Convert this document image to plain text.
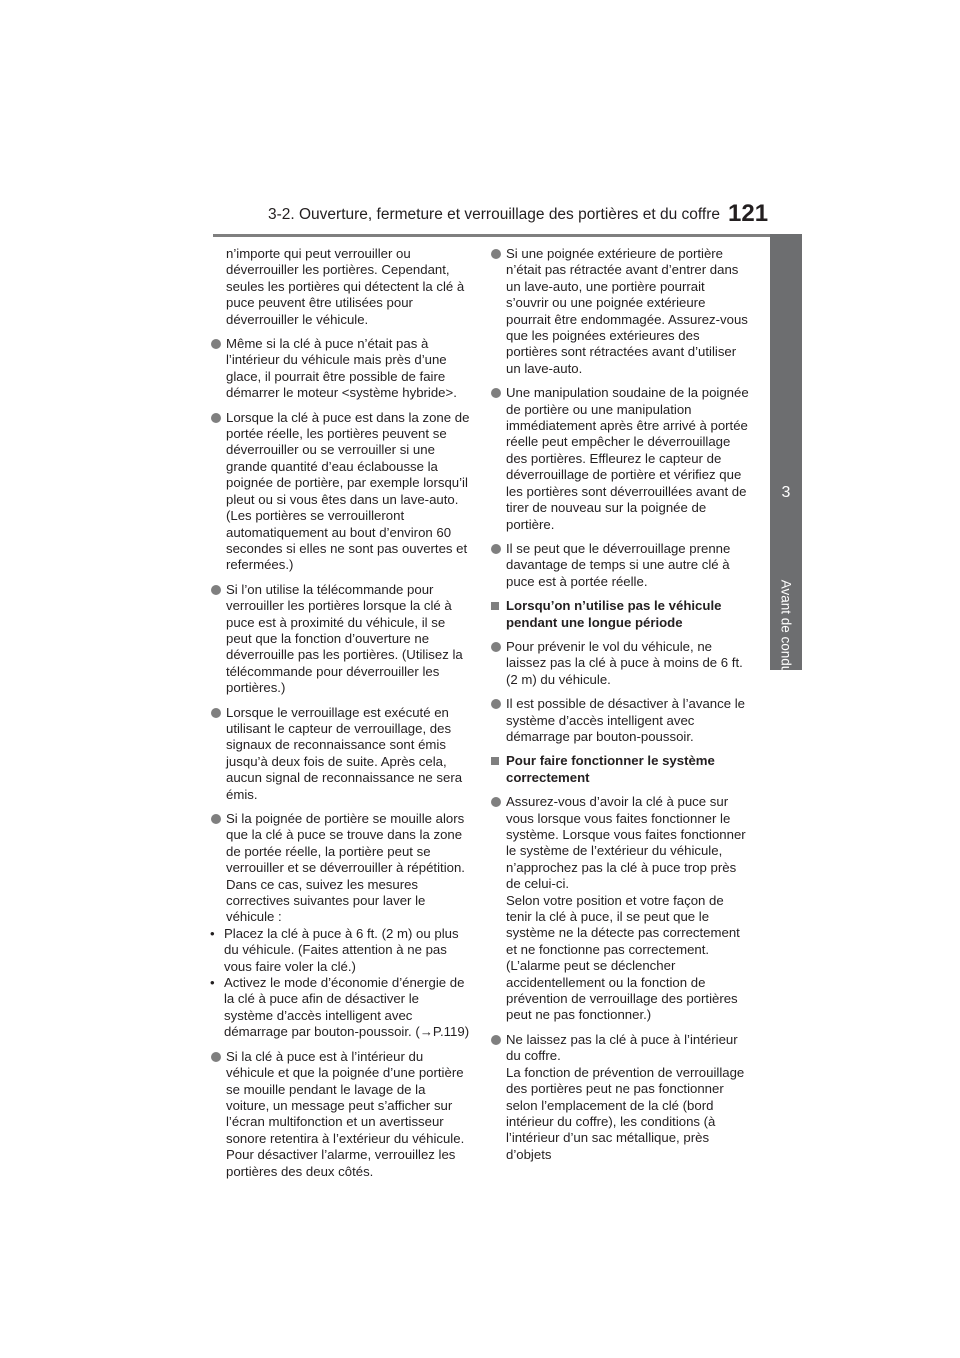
3-2. Ouverture, fermeture et verrouillage des portières et du coffre 121
3
Avant de conduire

n’importe qui peut verrouiller ou déverrouiller les portières. Cependant, seules les portières qui détectent la clé à puce peuvent être utilisées pour déverrouiller le véhicule.

Même si la clé à puce n’était pas à l’intérieur du véhicule mais près d’une glace, il pourrait être possible de faire démarrer le moteur <système hybride>.

Lorsque la clé à puce est dans la zone de portée réelle, les portières peuvent se déverrouiller ou se verrouiller si une grande quantité d’eau éclabousse la poignée de portière, par exemple lorsqu’il pleut ou si vous êtes dans un lave-auto. (Les portières se verrouilleront automatiquement au bout d’environ 60 secondes si elles ne sont pas ouvertes et refermées.)

Si l’on utilise la télécommande pour verrouiller les portières lorsque la clé à puce est à proximité du véhicule, il se peut que la fonction d’ouverture ne déverrouille pas les portières. (Utilisez la télécommande pour déverrouiller les portières.)

Lorsque le verrouillage est exécuté en utilisant le capteur de verrouillage, des signaux de reconnaissance sont émis jusqu’à deux fois de suite. Après cela, aucun signal de reconnaissance ne sera émis.

Si la poignée de portière se mouille alors que la clé à puce se trouve dans la zone de portée réelle, la portière peut se verrouiller et se déverrouiller à répétition. Dans ce cas, suivez les mesures correctives suivantes pour laver le véhicule :
• Placez la clé à puce à 6 ft. (2 m) ou plus du véhicule. (Faites attention à ne pas vous faire voler la clé.)
• Activez le mode d’économie d’énergie de la clé à puce afin de désactiver le système d’accès intelligent avec démarrage par bouton-poussoir. (→P.119)

Si la clé à puce est à l’intérieur du véhicule et que la poignée d’une portière se mouille pendant le lavage de la voiture, un message peut s’afficher sur l’écran multifonction et un avertisseur sonore retentira à l’extérieur du véhicule. Pour désactiver l’alarme, verrouillez les portières des deux côtés.

Si une poignée extérieure de portière n’était pas rétractée avant d’entrer dans un lave-auto, une portière pourrait s’ouvrir ou une poignée extérieure pourrait être endommagée. Assurez-vous que les poignées extérieures des portières sont rétractées avant d’utiliser un lave-auto.

Une manipulation soudaine de la poignée de portière ou une manipulation immédiatement après être arrivé à portée réelle peut empêcher le déverrouillage des portières. Effleurez le capteur de déverrouillage de portière et vérifiez que les portières sont déverrouillées avant de tirer de nouveau sur la poignée de portière.

Il se peut que le déverrouillage prenne davantage de temps si une autre clé à puce est à portée réelle.

Lorsqu’on n’utilise pas le véhicule pendant une longue période

Pour prévenir le vol du véhicule, ne laissez pas la clé à puce à moins de 6 ft. (2 m) du véhicule.

Il est possible de désactiver à l’avance le système d’accès intelligent avec démarrage par bouton-poussoir.

Pour faire fonctionner le système correctement

Assurez-vous d’avoir la clé à puce sur vous lorsque vous faites fonctionner le système. Lorsque vous faites fonctionner le système de l’extérieur du véhicule, n’approchez pas la clé à puce trop près de celui-ci.
Selon votre position et votre façon de tenir la clé à puce, il se peut que le système ne la détecte pas correctement et ne fonctionne pas correctement. (L’alarme peut se déclencher accidentellement ou la fonction de prévention de verrouillage des portières peut ne pas fonctionner.)
Ne laissez pas la clé à puce à l’intérieur du coffre.
La fonction de prévention de verrouillage des portières peut ne pas fonctionner selon l’emplacement de la clé (bord intérieur du coffre), les conditions (à l’intérieur d’un sac métallique, près d’objets
